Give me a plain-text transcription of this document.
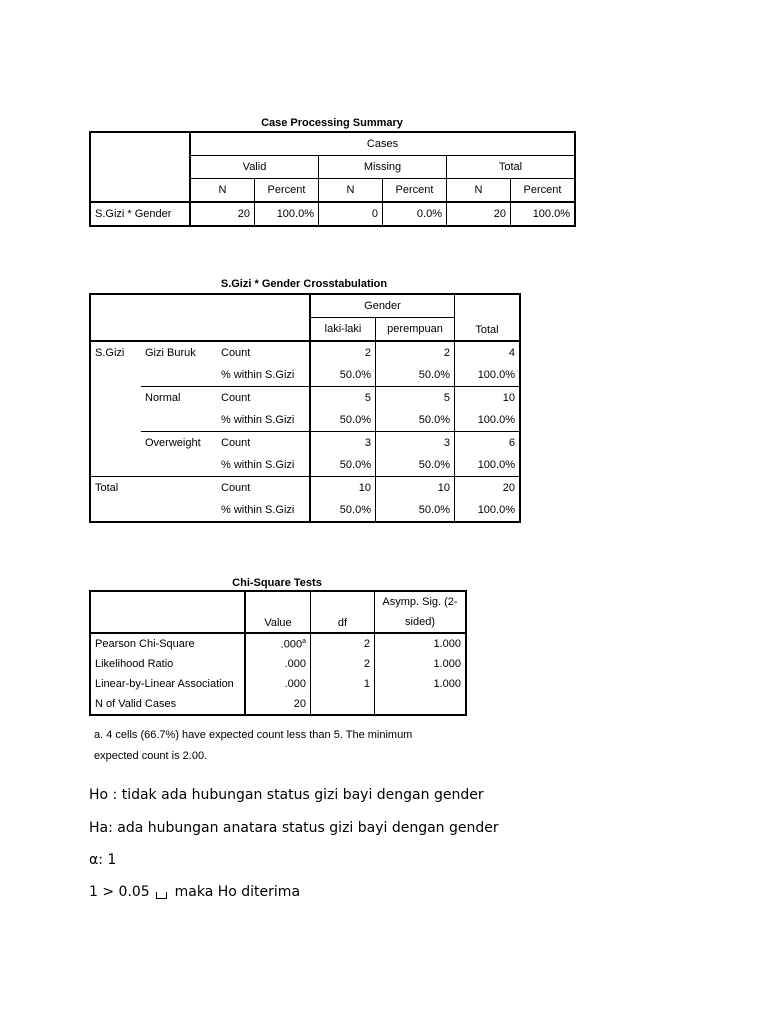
Case Processing Summary
	Cases					
	Valid		Missing		Total	
	N	Percent	N	Percent	N	Percent
S.Gizi * Gender	20	100.0%	0	0.0%	20	100.0%
S.Gizi * Gender Crosstabulation
			Gender		Total
			laki-laki	perempuan	
S.Gizi	Gizi Buruk	Count	2	2	4
		% within S.Gizi	50.0%	50.0%	100.0%
	Normal	Count	5	5	10
		% within S.Gizi	50.0%	50.0%	100.0%
	Overweight	Count	3	3	6
		% within S.Gizi	50.0%	50.0%	100.0%
Total		Count	10	10	20
		% within S.Gizi	50.0%	50.0%	100.0%
Chi-Square Tests
	Value	df	Asymp. Sig. (2-
			sided)
Pearson Chi-Square	.000$^a$	2	1.000
Likelihood Ratio	.000	2	1.000
Linear-by-Linear Association	.000	1	1.000
N of Valid Cases	20		
a. 4 cells (66.7%) have expected count less than 5. The minimum
expected count is 2.00.
Ho : tidak ada hubungan status gizi bayi dengan gender
Ha: ada hubungan anatara status gizi bayi dengan gender
α: 1
1 > 0.05 maka Ho diterima
